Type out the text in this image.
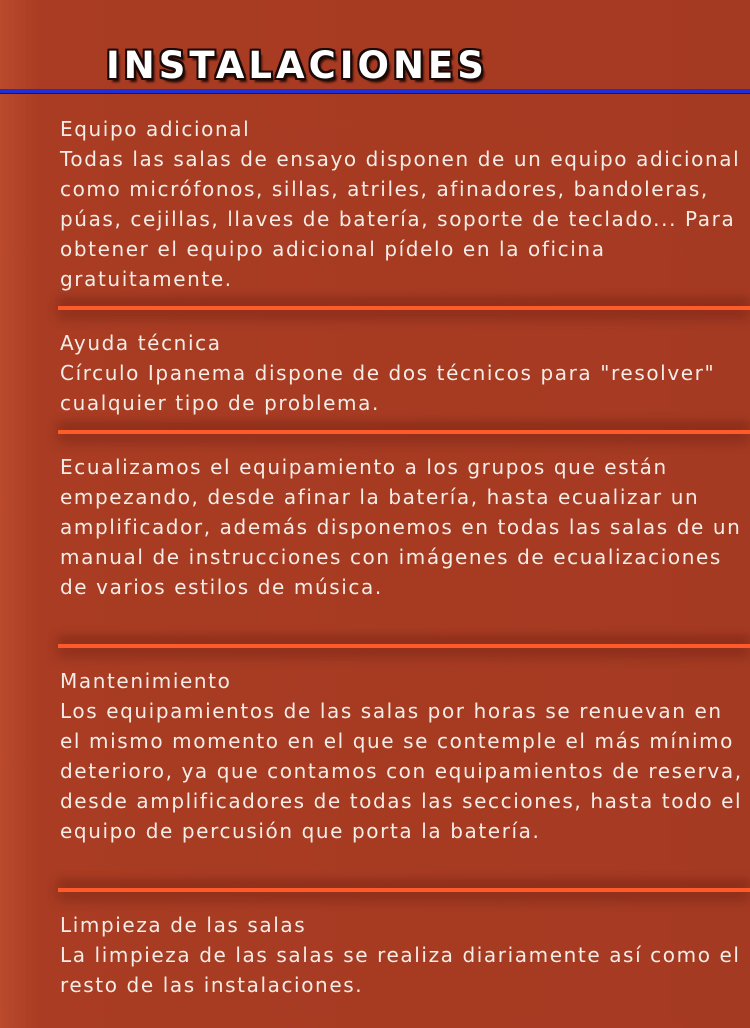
INSTALACIONES

Equipo adicional

Todas las salas de ensayo disponen de un equipo adicional como micrófonos, sillas, atriles, afinadores, bandoleras, púas, cejillas, llaves de batería, soporte de teclado... Para obtener el equipo adicional pídelo en la oficina gratuitamente.

Ayuda técnica

Círculo Ipanema dispone de dos técnicos para "resolver" cualquier tipo de problema.

Ecualizamos el equipamiento a los grupos que están empezando, desde afinar la batería, hasta ecualizar un amplificador, además disponemos en todas las salas de un manual de instrucciones con imágenes de ecualizaciones de varios estilos de música.

Mantenimiento

Los equipamientos de las salas por horas se renuevan en el mismo momento en el que se contemple el más mínimo deterioro, ya que contamos con equipamientos de reserva, desde amplificadores de todas las secciones, hasta todo el equipo de percusión que porta la batería.

Limpieza de las salas

La limpieza de las salas se realiza diariamente así como el resto de las instalaciones.
